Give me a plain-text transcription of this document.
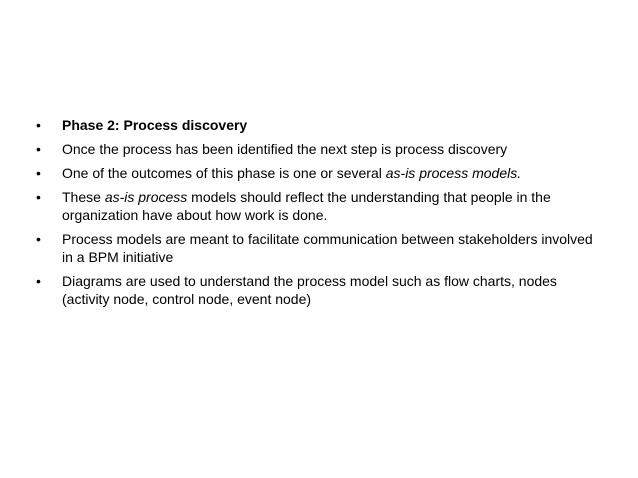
•	Phase 2: Process discovery
•	Once the process has been identified the next step is process discovery
•	One of the outcomes of this phase is one or several as-is process models.
•	These as-is process models should reflect the understanding that people in the organization have about how work is done.
•	Process models are meant to facilitate communication between stakeholders involved in a BPM initiative
•	Diagrams are used to understand the process model such as flow charts, nodes (activity node, control node, event node)
